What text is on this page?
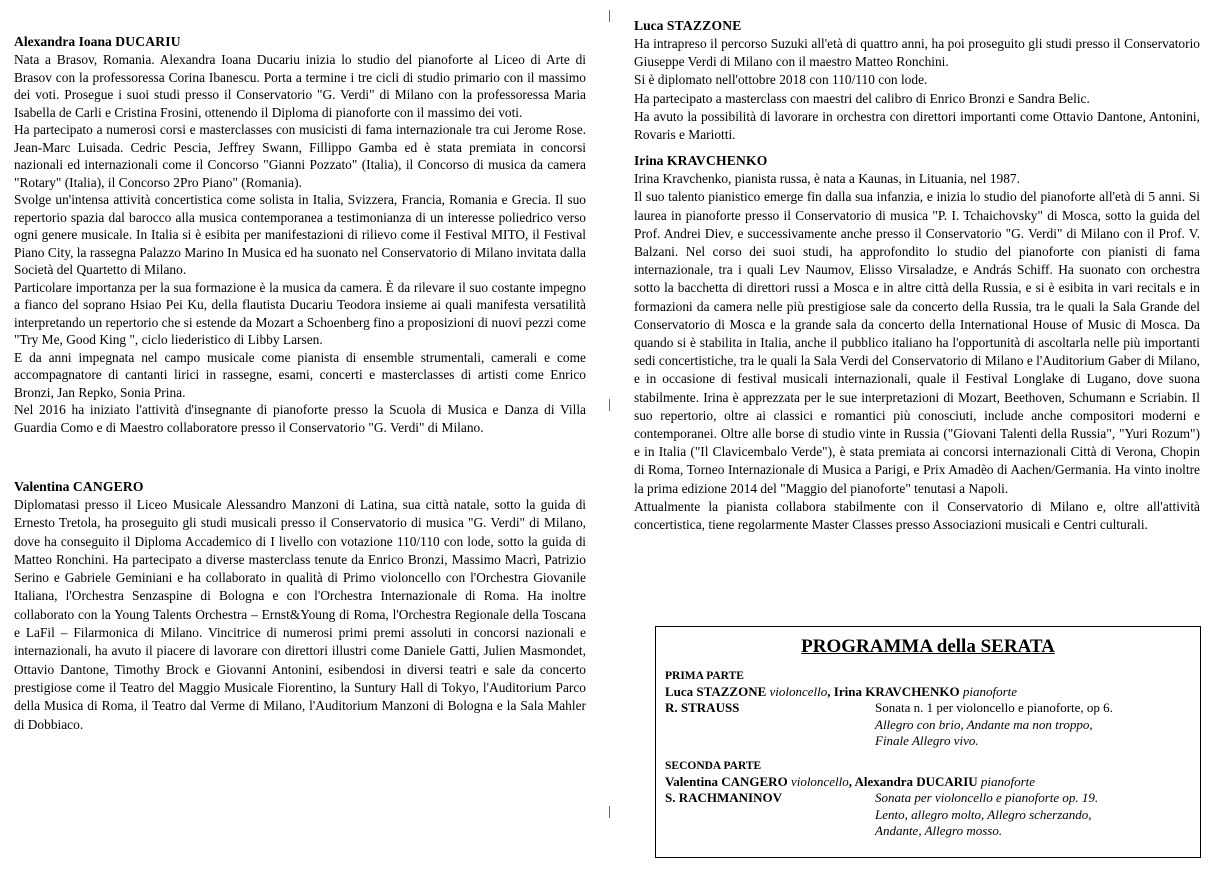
Alexandra Ioana DUCARIU

Nata a Brasov, Romania. Alexandra Ioana Ducariu inizia lo studio del pianoforte al Liceo di Arte di Brasov con la professoressa Corina Ibanescu. Porta a termine i tre cicli di studio primario con il massimo dei voti. Prosegue i suoi studi presso il Conservatorio "G. Verdi" di Milano con la professoressa Maria Isabella de Carli e Cristina Frosini, ottenendo il Diploma di pianoforte con il massimo dei voti.

Ha partecipato a numerosi corsi e masterclasses con musicisti di fama internazionale tra cui Jerome Rose. Jean-Marc Luisada. Cedric Pescia, Jeffrey Swann, Fillippo Gamba ed è stata premiata in concorsi nazionali ed internazionali come il Concorso "Gianni Pozzato" (Italia), il Concorso di musica da camera "Rotary" (Italia), il Concorso 2Pro Piano" (Romania).

Svolge un'intensa attività concertistica come solista in Italia, Svizzera, Francia, Romania e Grecia. Il suo repertorio spazia dal barocco alla musica contemporanea a testimonianza di un interesse poliedrico verso ogni genere musicale. In Italia si è esibita per manifestazioni di rilievo come il Festival MITO, il Festival Piano City, la rassegna Palazzo Marino In Musica ed ha suonato nel Conservatorio di Milano invitata dalla Società del Quartetto di Milano.

Particolare importanza per la sua formazione è la musica da camera. È da rilevare il suo costante impegno a fianco del soprano Hsiao Pei Ku, della flautista Ducariu Teodora insieme ai quali manifesta versatilità interpretando un repertorio che si estende da Mozart a Schoenberg fino a proposizioni di nuovi pezzi come "Try Me, Good King ", ciclo liederistico di Libby Larsen.

E da anni impegnata nel campo musicale come pianista di ensemble strumentali, camerali e come accompagnatore di cantanti lirici in rassegne, esami, concerti e masterclasses di artisti come Enrico Bronzi, Jan Repko, Sonia Prina.

Nel 2016 ha iniziato l'attività d'insegnante di pianoforte presso la Scuola di Musica e Danza di Villa Guardia Como e di Maestro collaboratore presso il Conservatorio "G. Verdi" di Milano.

Valentina CANGERO

Diplomatasi presso il Liceo Musicale Alessandro Manzoni di Latina, sua città natale, sotto la guida di Ernesto Tretola, ha proseguito gli studi musicali presso il Conservatorio di musica "G. Verdi" di Milano, dove ha conseguito il Diploma Accademico di I livello con votazione 110/110 con lode, sotto la guida di Matteo Ronchini. Ha partecipato a diverse masterclass tenute da Enrico Bronzi, Massimo Macrì, Patrizio Serino e Gabriele Geminiani e ha collaborato in qualità di Primo violoncello con l'Orchestra Giovanile Italiana, l'Orchestra Senzaspine di Bologna e con l'Orchestra Internazionale di Roma. Ha inoltre collaborato con la Young Talents Orchestra – Ernst&Young di Roma, l'Orchestra Regionale della Toscana e LaFil – Filarmonica di Milano. Vincitrice di numerosi primi premi assoluti in concorsi nazionali e internazionali, ha avuto il piacere di lavorare con direttori illustri come Daniele Gatti, Julien Masmondet, Ottavio Dantone, Timothy Brock e Giovanni Antonini, esibendosi in diversi teatri e sale da concerto prestigiose come il Teatro del Maggio Musicale Fiorentino, la Suntury Hall di Tokyo, l'Auditorium Parco della Musica di Roma, il Teatro dal Verme di Milano, l'Auditorium Manzoni di Bologna e la Sala Mahler di Dobbiaco.

Luca STAZZONE

Ha intrapreso il percorso Suzuki all'età di quattro anni, ha poi proseguito gli studi presso il Conservatorio Giuseppe Verdi di Milano con il maestro Matteo Ronchini.

Si è diplomato nell'ottobre 2018 con 110/110 con lode.

Ha partecipato a masterclass con maestri del calibro di Enrico Bronzi e Sandra Belic.

Ha avuto la possibilità di lavorare in orchestra con direttori importanti come Ottavio Dantone, Antonini, Rovaris e Mariotti.

Irina KRAVCHENKO

Irina Kravchenko, pianista russa, è nata a Kaunas, in Lituania, nel 1987.

Il suo talento pianistico emerge fin dalla sua infanzia, e inizia lo studio del pianoforte all'età di 5 anni. Si laurea in pianoforte presso il Conservatorio di musica "P. I. Tchaichovsky" di Mosca, sotto la guida del Prof. Andrei Diev, e successivamente anche presso il Conservatorio "G. Verdi" di Milano con il Prof. V. Balzani. Nel corso dei suoi studi, ha approfondito lo studio del pianoforte con pianisti di fama internazionale, tra i quali Lev Naumov, Elisso Virsaladze, e András Schiff. Ha suonato con orchestra sotto la bacchetta di direttori russi a Mosca e in altre città della Russia, e si è esibita in vari recitals e in formazioni da camera nelle più prestigiose sale da concerto della Russia, tra le quali la Sala Grande del Conservatorio di Mosca e la grande sala da concerto della International House of Music di Mosca. Da quando si è stabilita in Italia, anche il pubblico italiano ha l'opportunità di ascoltarla nelle più importanti sedi concertistiche, tra le quali la Sala Verdi del Conservatorio di Milano e l'Auditorium Gaber di Milano, e in occasione di festival musicali internazionali, quale il Festival Longlake di Lugano, dove suona stabilmente. Irina è apprezzata per le sue interpretazioni di Mozart, Beethoven, Schumann e Scriabin. Il suo repertorio, oltre ai classici e romantici più conosciuti, include anche compositori moderni e contemporanei. Oltre alle borse di studio vinte in Russia ("Giovani Talenti della Russia", "Yuri Rozum") e in Italia ("Il Clavicembalo Verde"), è stata premiata ai concorsi internazionali Città di Verona, Chopin di Roma, Torneo Internazionale di Musica a Parigi, e Prix Amadèo di Aachen/Germania. Ha vinto inoltre la prima edizione 2014 del "Maggio del pianoforte" tenutasi a Napoli.

Attualmente la pianista collabora stabilmente con il Conservatorio di Milano e, oltre all'attività concertistica, tiene regolarmente Master Classes presso Associazioni musicali e Centri culturali.

PROGRAMMA della SERATA
PRIMA PARTE
Luca STAZZONE violoncello, Irina KRAVCHENKO pianoforte
R. STRAUSS	Sonata n. 1 per violoncello e pianoforte, op 6.
Allegro con brio, Andante ma non troppo,
Finale Allegro vivo.
SECONDA PARTE
Valentina CANGERO violoncello, Alexandra DUCARIU pianoforte
S. RACHMANINOV	Sonata per violoncello e pianoforte op. 19.
Lento, allegro molto, Allegro scherzando,
Andante, Allegro mosso.
